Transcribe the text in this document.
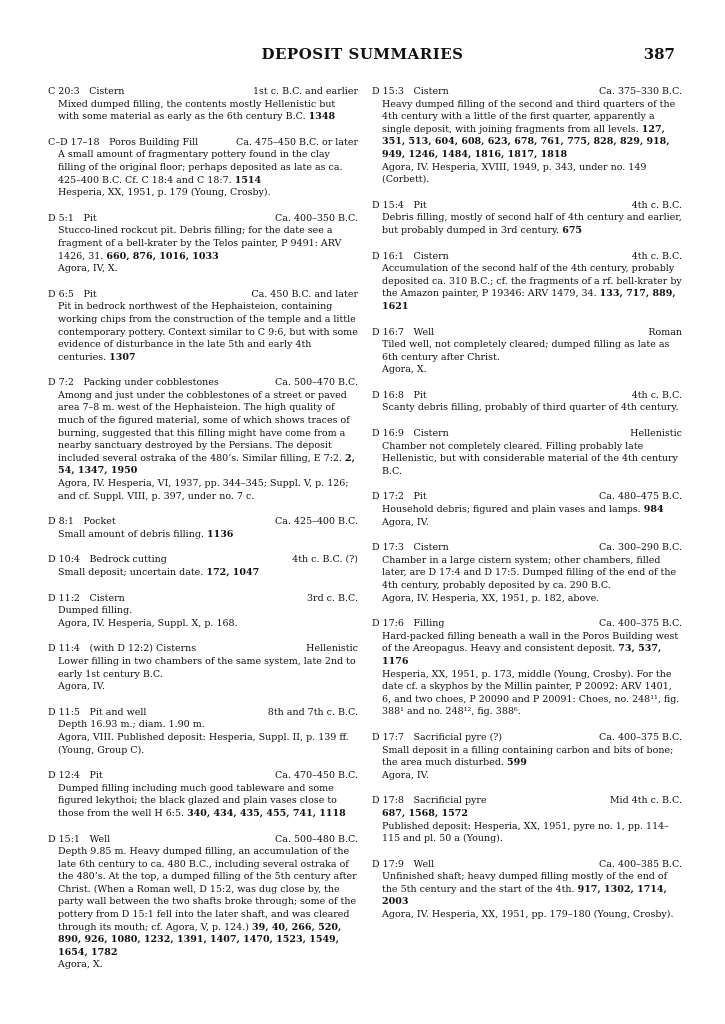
DEPOSIT SUMMARIES	387
C 20:3  Cistern	1st c. B.C. and earlier

Mixed dumped filling, the contents mostly Hellenistic but with some material as early as the 6th century B.C. 1348

C–D 17–18  Poros Building Fill	Ca. 475–450 B.C. or later

A small amount of fragmentary pottery found in the clay filling of the original floor; perhaps deposited as late as ca. 425–400 B.C. Cf. C 18:4 and C 18:7. 1514

Hesperia, XX, 1951, p. 179 (Young, Crosby).

D 5:1  Pit	Ca. 400–350 B.C.

Stucco-lined rockcut pit. Debris filling; for the date see a fragment of a bell-krater by the Telos painter, P 9491: ARV 1426, 31. 660, 876, 1016, 1033

Agora, IV, X.

D 6:5  Pit	Ca. 450 B.C. and later

Pit in bedrock northwest of the Hephaisteion, containing working chips from the construction of the temple and a little contemporary pottery. Context similar to C 9:6, but with some evidence of disturbance in the late 5th and early 4th centuries. 1307

D 7:2  Packing under cobblestones	Ca. 500–470 B.C.

Among and just under the cobblestones of a street or paved area 7–8 m. west of the Hephaisteion. The high quality of much of the figured material, some of which shows traces of burning, suggested that this filling might have come from a nearby sanctuary destroyed by the Persians. The deposit included several ostraka of the 480’s. Similar filling, E 7:2. 2, 54, 1347, 1950

Agora, IV. Hesperia, VI, 1937, pp. 344–345; Suppl. V, p. 126; and cf. Suppl. VIII, p. 397, under no. 7 c.

D 8:1  Pocket	Ca. 425–400 B.C.

Small amount of debris filling. 1136

D 10:4  Bedrock cutting	4th c. B.C. (?)

Small deposit; uncertain date. 172, 1047

D 11:2  Cistern	3rd c. B.C.

Dumped filling.

Agora, IV. Hesperia, Suppl. X, p. 168.

D 11:4  (with D 12:2) Cisterns	Hellenistic

Lower filling in two chambers of the same system, late 2nd to early 1st century B.C.

Agora, IV.

D 11:5  Pit and well	8th and 7th c. B.C.

Depth 16.93 m.; diam. 1.90 m.

Agora, VIII. Published deposit: Hesperia, Suppl. II, p. 139 ff. (Young, Group C).

D 12:4  Pit	Ca. 470–450 B.C.

Dumped filling including much good tableware and some figured lekythoi; the black glazed and plain vases close to those from the well H 6:5. 340, 434, 435, 455, 741, 1118

D 15:1  Well	Ca. 500–480 B.C.

Depth 9.85 m. Heavy dumped filling, an accumulation of the late 6th century to ca. 480 B.C., including several ostraka of the 480’s. At the top, a dumped filling of the 5th century after Christ. (When a Roman well, D 15:2, was dug close by, the party wall between the two shafts broke through; some of the pottery from D 15:1 fell into the later shaft, and was cleared through its mouth; cf. Agora, V, p. 124.) 39, 40, 266, 520, 890, 926, 1080, 1232, 1391, 1407, 1470, 1523, 1549, 1654, 1782

Agora, X.

D 15:3  Cistern	Ca. 375–330 B.C.

Heavy dumped filling of the second and third quarters of the 4th century with a little of the first quarter, apparently a single deposit, with joining fragments from all levels. 127, 351, 513, 604, 608, 623, 678, 761, 775, 828, 829, 918, 949, 1246, 1484, 1816, 1817, 1818

Agora, IV. Hesperia, XVIII, 1949, p. 343, under no. 149 (Corbett).

D 15:4  Pit	4th c. B.C.

Debris filling, mostly of second half of 4th century and earlier, but probably dumped in 3rd century. 675

D 16:1  Cistern	4th c. B.C.

Accumulation of the second half of the 4th century, probably deposited ca. 310 B.C.; cf. the fragments of a rf. bell-krater by the Amazon painter, P 19346: ARV 1479, 34. 133, 717, 889, 1621

D 16:7  Well	Roman

Tiled well, not completely cleared; dumped filling as late as 6th century after Christ.

Agora, X.

D 16:8  Pit	4th c. B.C.

Scanty debris filling, probably of third quarter of 4th century.

D 16:9  Cistern	Hellenistic

Chamber not completely cleared. Filling probably late Hellenistic, but with considerable material of the 4th century B.C.

D 17:2  Pit	Ca. 480–475 B.C.

Household debris; figured and plain vases and lamps. 984

Agora, IV.

D 17:3  Cistern	Ca. 300–290 B.C.

Chamber in a large cistern system; other chambers, filled later, are D 17:4 and D 17:5. Dumped filling of the end of the 4th century, probably deposited by ca. 290 B.C.

Agora, IV. Hesperia, XX, 1951, p. 182, above.

D 17:6  Filling	Ca. 400–375 B.C.

Hard-packed filling beneath a wall in the Poros Building west of the Areopagus. Heavy and consistent deposit. 73, 537, 1176

Hesperia, XX, 1951, p. 173, middle (Young, Crosby). For the date cf. a skyphos by the Millin painter, P 20092: ARV 1401, 6, and two choes, P 20090 and P 20091: Choes, no. 248¹¹, fig. 388¹ and no. 248¹², fig. 388⁶.

D 17:7  Sacrificial pyre (?)	Ca. 400–375 B.C.

Small deposit in a filling containing carbon and bits of bone; the area much disturbed. 599

Agora, IV.

D 17:8  Sacrificial pyre	Mid 4th c. B.C.

687, 1568, 1572

Published deposit: Hesperia, XX, 1951, pyre no. 1, pp. 114–115 and pl. 50 a (Young).

D 17:9  Well	Ca. 400–385 B.C.

Unfinished shaft; heavy dumped filling mostly of the end of the 5th century and the start of the 4th. 917, 1302, 1714, 2003

Agora, IV. Hesperia, XX, 1951, pp. 179–180 (Young, Crosby).
